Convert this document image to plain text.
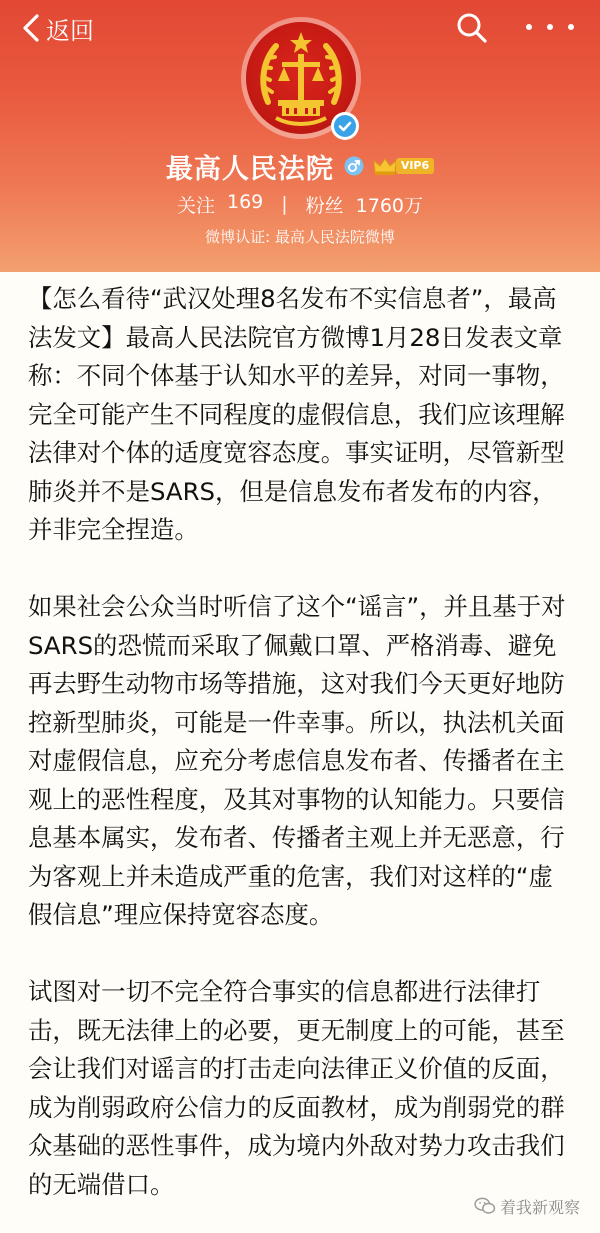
返回
最高人民法院	VIP6
关注 169 | 粉丝 1760万
微博认证: 最高人民法院微博

【怎么看待“武汉处理8名发布不实信息者”，最高法发文】最高人民法院官方微博1月28日发表文章称：不同个体基于认知水平的差异，对同一事物，完全可能产生不同程度的虚假信息，我们应该理解法律对个体的适度宽容态度。事实证明，尽管新型肺炎并不是SARS，但是信息发布者发布的内容，并非完全捏造。

如果社会公众当时听信了这个“谣言”，并且基于对SARS的恐慌而采取了佩戴口罩、严格消毒、避免再去野生动物市场等措施，这对我们今天更好地防控新型肺炎，可能是一件幸事。所以，执法机关面对虚假信息，应充分考虑信息发布者、传播者在主观上的恶性程度，及其对事物的认知能力。只要信息基本属实，发布者、传播者主观上并无恶意，行为客观上并未造成严重的危害，我们对这样的“虚假信息”理应保持宽容态度。

试图对一切不完全符合事实的信息都进行法律打击，既无法律上的必要，更无制度上的可能，甚至会让我们对谣言的打击走向法律正义价值的反面，成为削弱政府公信力的反面教材，成为削弱党的群众基础的恶性事件，成为境内外敌对势力攻击我们的无端借口。

着我新观察
